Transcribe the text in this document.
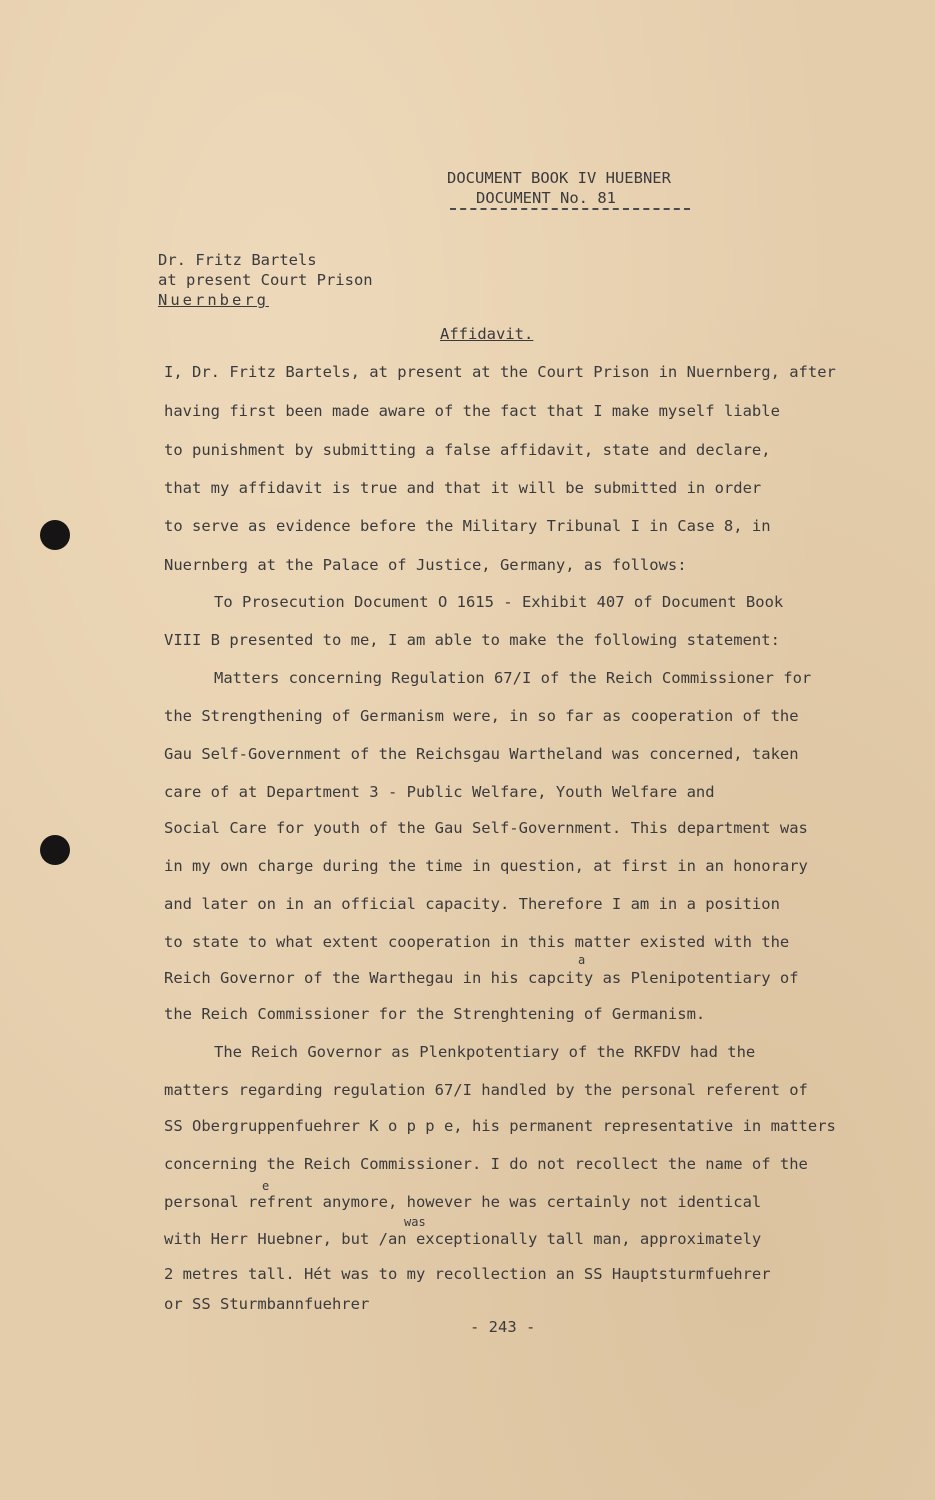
DOCUMENT BOOK IV HUEBNER
DOCUMENT No. 81
Dr. Fritz Bartels
at present Court Prison
Nuernberg
Affidavit.
I, Dr. Fritz Bartels, at present at the Court Prison in Nuernberg, after
having first been made aware of the fact that I make myself liable
to punishment by submitting a false affidavit, state and declare,
that my affidavit is true and that it will be submitted in order
to serve as evidence before the Military Tribunal I in Case 8, in
Nuernberg at the Palace of Justice, Germany, as follows:
To Prosecution Document O 1615 - Exhibit 407 of Document Book
VIII B presented to me, I am able to make the following statement:
Matters concerning Regulation 67/I of the Reich Commissioner for
the Strengthening of Germanism were, in so far as cooperation of the
Gau Self-Government of the Reichsgau Wartheland was concerned, taken
care of at Department 3 - Public Welfare, Youth Welfare and
Social Care for youth of the Gau Self-Government. This department was
in my own charge during the time in question, at first in an honorary
and later on in an official capacity. Therefore I am in a position
to state to what extent cooperation in this matter existed with the
a
Reich Governor of the Warthegau in his capcity as Plenipotentiary of
the Reich Commissioner for the Strenghtening of Germanism.
The Reich Governor as Plenkpotentiary of the RKFDV had the
matters regarding regulation 67/I handled by the personal referent of
SS Obergruppenfuehrer K o p p e, his permanent representative in matters
concerning the Reich Commissioner. I do not recollect the name of the
e
personal refrent anymore, however he was certainly not identical
was
with Herr Huebner, but /an exceptionally tall man, approximately
2 metres tall. Hét was to my recollection an SS Hauptsturmfuehrer
or SS Sturmbannfuehrer
- 243 -
